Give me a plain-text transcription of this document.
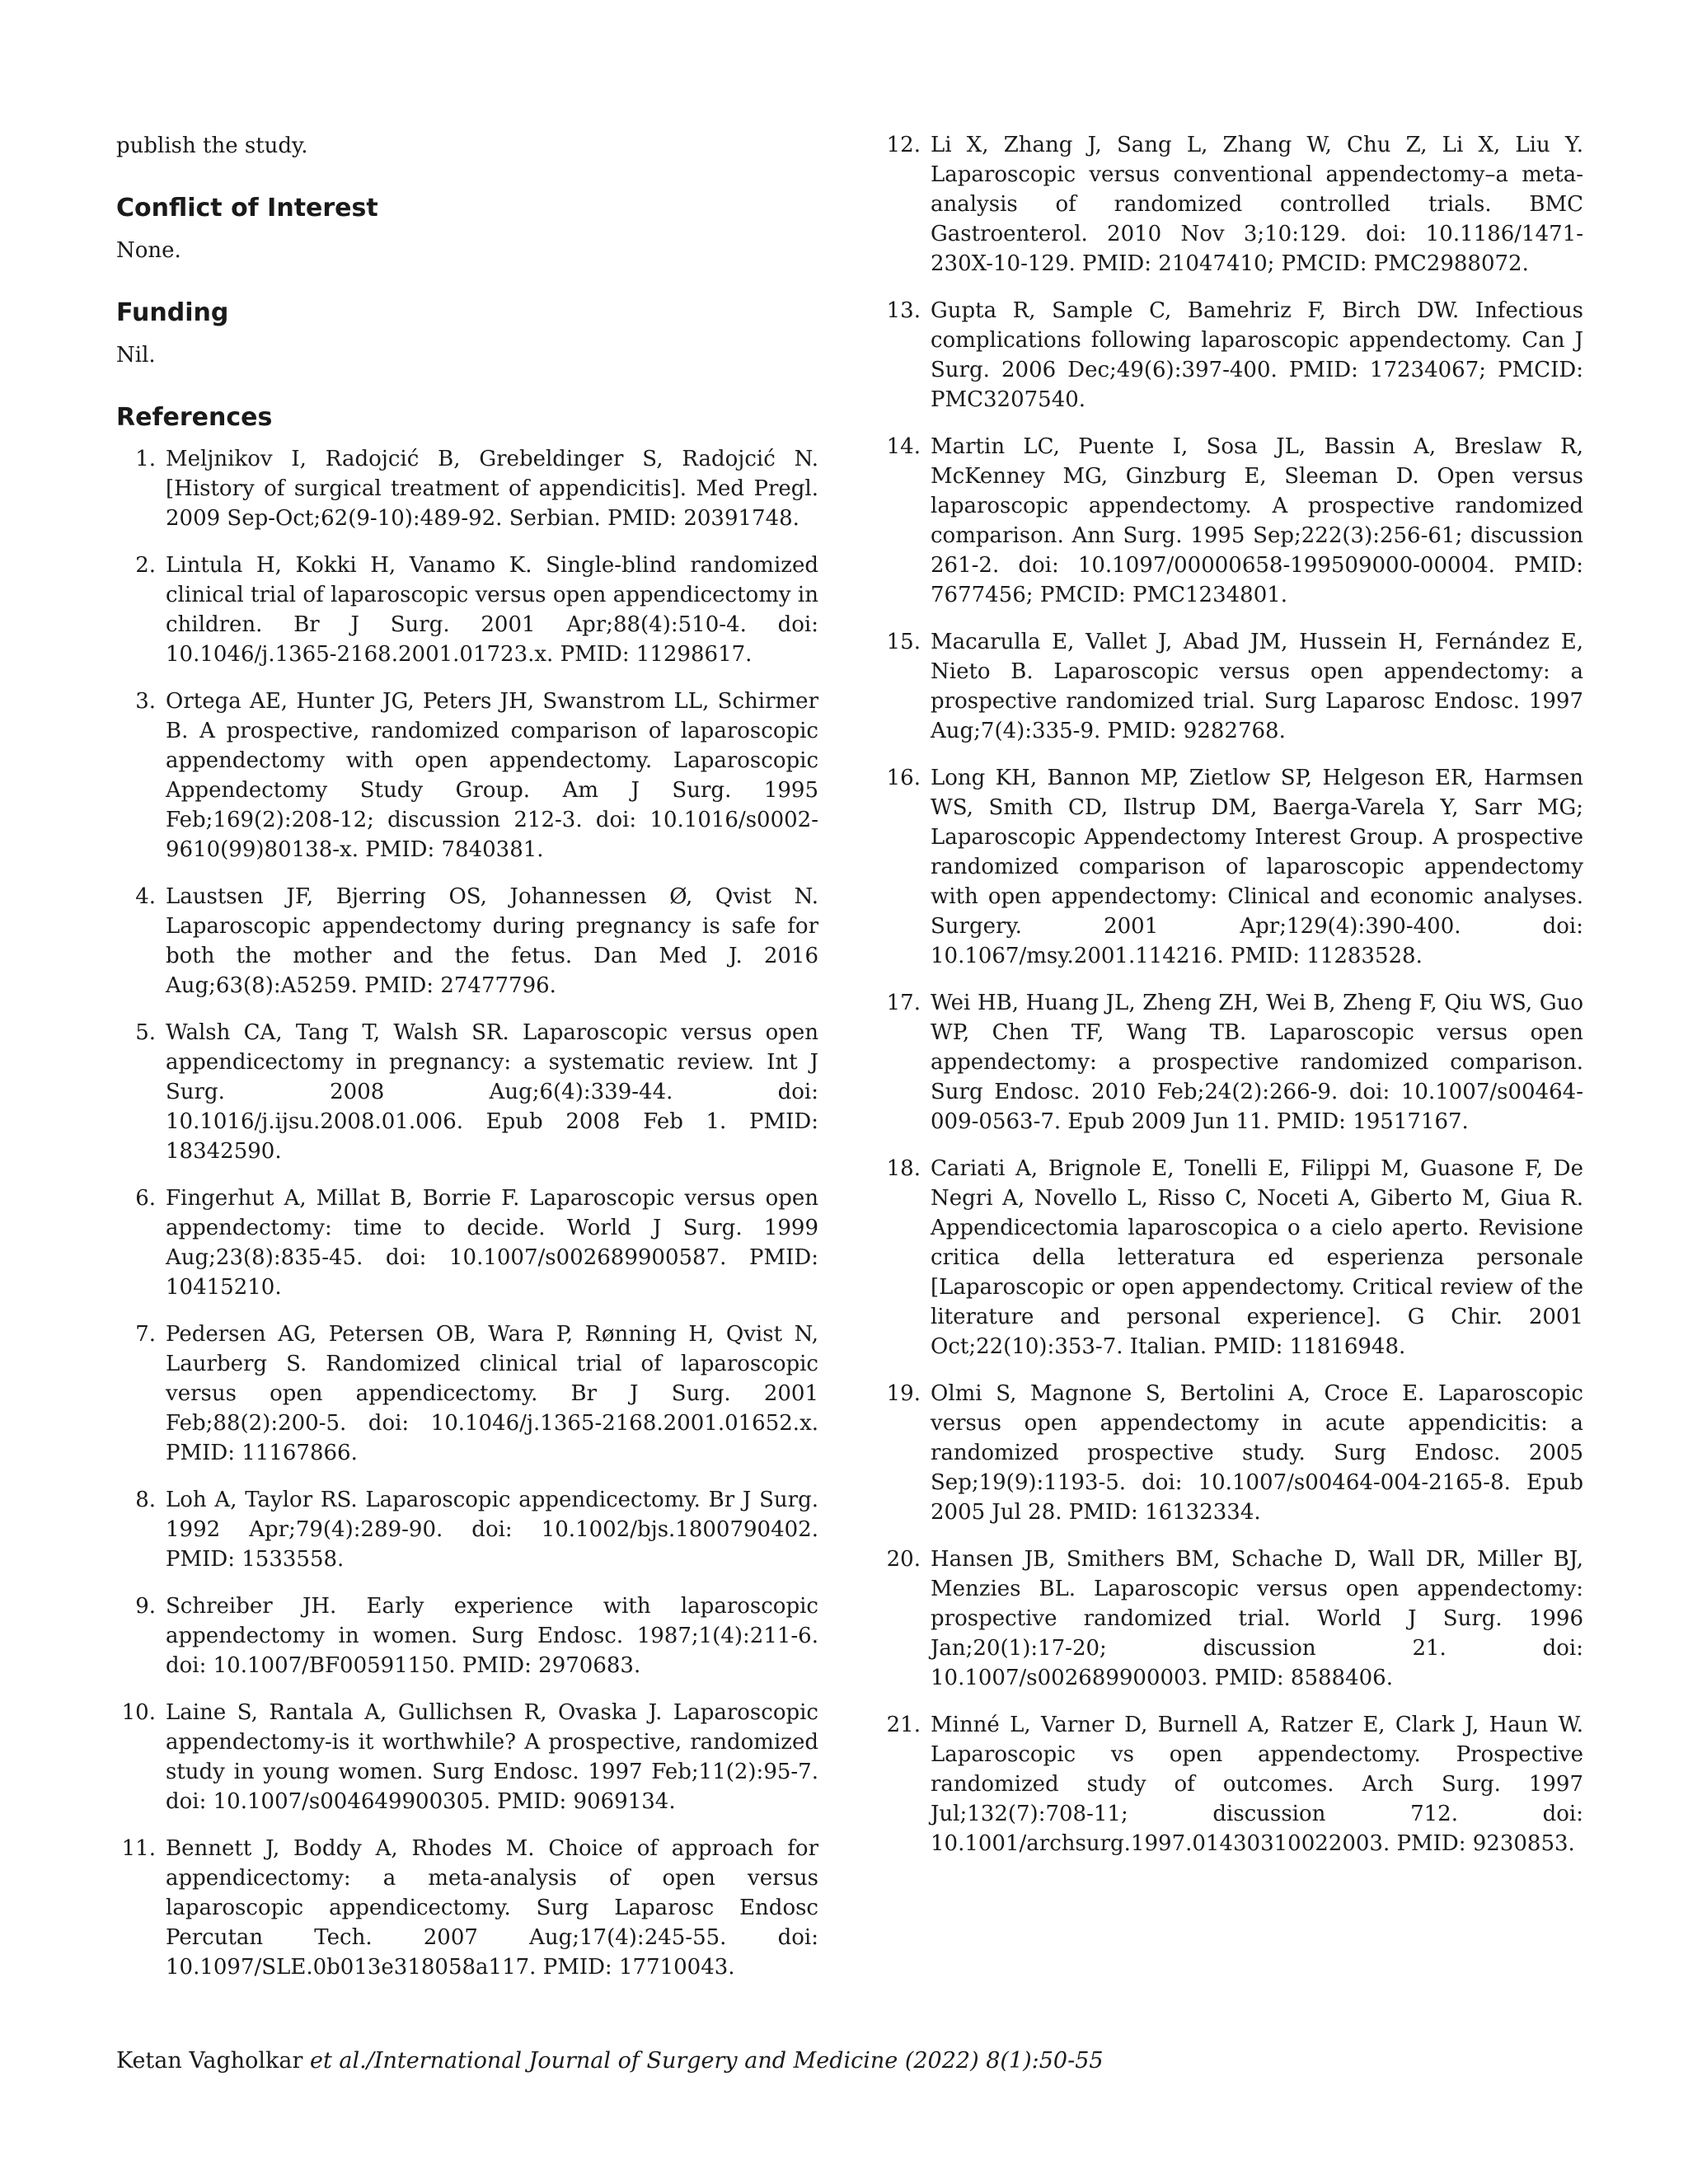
publish the study.

Conflict of Interest

None.

Funding

Nil.

References
1. Meljnikov I, Radojcić B, Grebeldinger S, Radojcić N. [History of surgical treatment of appendicitis]. Med Pregl. 2009 Sep-Oct;62(9-10):489-92. Serbian. PMID: 20391748.
2. Lintula H, Kokki H, Vanamo K. Single-blind randomized clinical trial of laparoscopic versus open appendicectomy in children. Br J Surg. 2001 Apr;88(4):510-4. doi: 10.1046/j.1365-2168.2001.01723.x. PMID: 11298617.
3. Ortega AE, Hunter JG, Peters JH, Swanstrom LL, Schirmer B. A prospective, randomized comparison of laparoscopic appendectomy with open appendectomy. Laparoscopic Appendectomy Study Group. Am J Surg. 1995 Feb;169(2):208-12; discussion 212-3. doi: 10.1016/s0002-9610(99)80138-x. PMID: 7840381.
4. Laustsen JF, Bjerring OS, Johannessen Ø, Qvist N. Laparoscopic appendectomy during pregnancy is safe for both the mother and the fetus. Dan Med J. 2016 Aug;63(8):A5259. PMID: 27477796.
5. Walsh CA, Tang T, Walsh SR. Laparoscopic versus open appendicectomy in pregnancy: a systematic review. Int J Surg. 2008 Aug;6(4):339-44. doi: 10.1016/j.ijsu.2008.01.006. Epub 2008 Feb 1. PMID: 18342590.
6. Fingerhut A, Millat B, Borrie F. Laparoscopic versus open appendectomy: time to decide. World J Surg. 1999 Aug;23(8):835-45. doi: 10.1007/s002689900587. PMID: 10415210.
7. Pedersen AG, Petersen OB, Wara P, Rønning H, Qvist N, Laurberg S. Randomized clinical trial of laparoscopic versus open appendicectomy. Br J Surg. 2001 Feb;88(2):200-5. doi: 10.1046/j.1365-2168.2001.01652.x. PMID: 11167866.
8. Loh A, Taylor RS. Laparoscopic appendicectomy. Br J Surg. 1992 Apr;79(4):289-90. doi: 10.1002/bjs.1800790402. PMID: 1533558.
9. Schreiber JH. Early experience with laparoscopic appendectomy in women. Surg Endosc. 1987;1(4):211-6. doi: 10.1007/BF00591150. PMID: 2970683.
10. Laine S, Rantala A, Gullichsen R, Ovaska J. Laparoscopic appendectomy-is it worthwhile? A prospective, randomized study in young women. Surg Endosc. 1997 Feb;11(2):95-7. doi: 10.1007/s004649900305. PMID: 9069134.
11. Bennett J, Boddy A, Rhodes M. Choice of approach for appendicectomy: a meta-analysis of open versus laparoscopic appendicectomy. Surg Laparosc Endosc Percutan Tech. 2007 Aug;17(4):245-55. doi: 10.1097/SLE.0b013e318058a117. PMID: 17710043.
12. Li X, Zhang J, Sang L, Zhang W, Chu Z, Li X, Liu Y. Laparoscopic versus conventional appendectomy–a meta-analysis of randomized controlled trials. BMC Gastroenterol. 2010 Nov 3;10:129. doi: 10.1186/1471-230X-10-129. PMID: 21047410; PMCID: PMC2988072.
13. Gupta R, Sample C, Bamehriz F, Birch DW. Infectious complications following laparoscopic appendectomy. Can J Surg. 2006 Dec;49(6):397-400. PMID: 17234067; PMCID: PMC3207540.
14. Martin LC, Puente I, Sosa JL, Bassin A, Breslaw R, McKenney MG, Ginzburg E, Sleeman D. Open versus laparoscopic appendectomy. A prospective randomized comparison. Ann Surg. 1995 Sep;222(3):256-61; discussion 261-2. doi: 10.1097/00000658-199509000-00004. PMID: 7677456; PMCID: PMC1234801.
15. Macarulla E, Vallet J, Abad JM, Hussein H, Fernández E, Nieto B. Laparoscopic versus open appendectomy: a prospective randomized trial. Surg Laparosc Endosc. 1997 Aug;7(4):335-9. PMID: 9282768.
16. Long KH, Bannon MP, Zietlow SP, Helgeson ER, Harmsen WS, Smith CD, Ilstrup DM, Baerga-Varela Y, Sarr MG; Laparoscopic Appendectomy Interest Group. A prospective randomized comparison of laparoscopic appendectomy with open appendectomy: Clinical and economic analyses. Surgery. 2001 Apr;129(4):390-400. doi: 10.1067/msy.2001.114216. PMID: 11283528.
17. Wei HB, Huang JL, Zheng ZH, Wei B, Zheng F, Qiu WS, Guo WP, Chen TF, Wang TB. Laparoscopic versus open appendectomy: a prospective randomized comparison. Surg Endosc. 2010 Feb;24(2):266-9. doi: 10.1007/s00464-009-0563-7. Epub 2009 Jun 11. PMID: 19517167.
18. Cariati A, Brignole E, Tonelli E, Filippi M, Guasone F, De Negri A, Novello L, Risso C, Noceti A, Giberto M, Giua R. Appendicectomia laparoscopica o a cielo aperto. Revisione critica della letteratura ed esperienza personale [Laparoscopic or open appendectomy. Critical review of the literature and personal experience]. G Chir. 2001 Oct;22(10):353-7. Italian. PMID: 11816948.
19. Olmi S, Magnone S, Bertolini A, Croce E. Laparoscopic versus open appendectomy in acute appendicitis: a randomized prospective study. Surg Endosc. 2005 Sep;19(9):1193-5. doi: 10.1007/s00464-004-2165-8. Epub 2005 Jul 28. PMID: 16132334.
20. Hansen JB, Smithers BM, Schache D, Wall DR, Miller BJ, Menzies BL. Laparoscopic versus open appendectomy: prospective randomized trial. World J Surg. 1996 Jan;20(1):17-20; discussion 21. doi: 10.1007/s002689900003. PMID: 8588406.
21. Minné L, Varner D, Burnell A, Ratzer E, Clark J, Haun W. Laparoscopic vs open appendectomy. Prospective randomized study of outcomes. Arch Surg. 1997 Jul;132(7):708-11; discussion 712. doi: 10.1001/archsurg.1997.01430310022003. PMID: 9230853.
Ketan Vagholkar et al./International Journal of Surgery and Medicine (2022) 8(1):50-55
